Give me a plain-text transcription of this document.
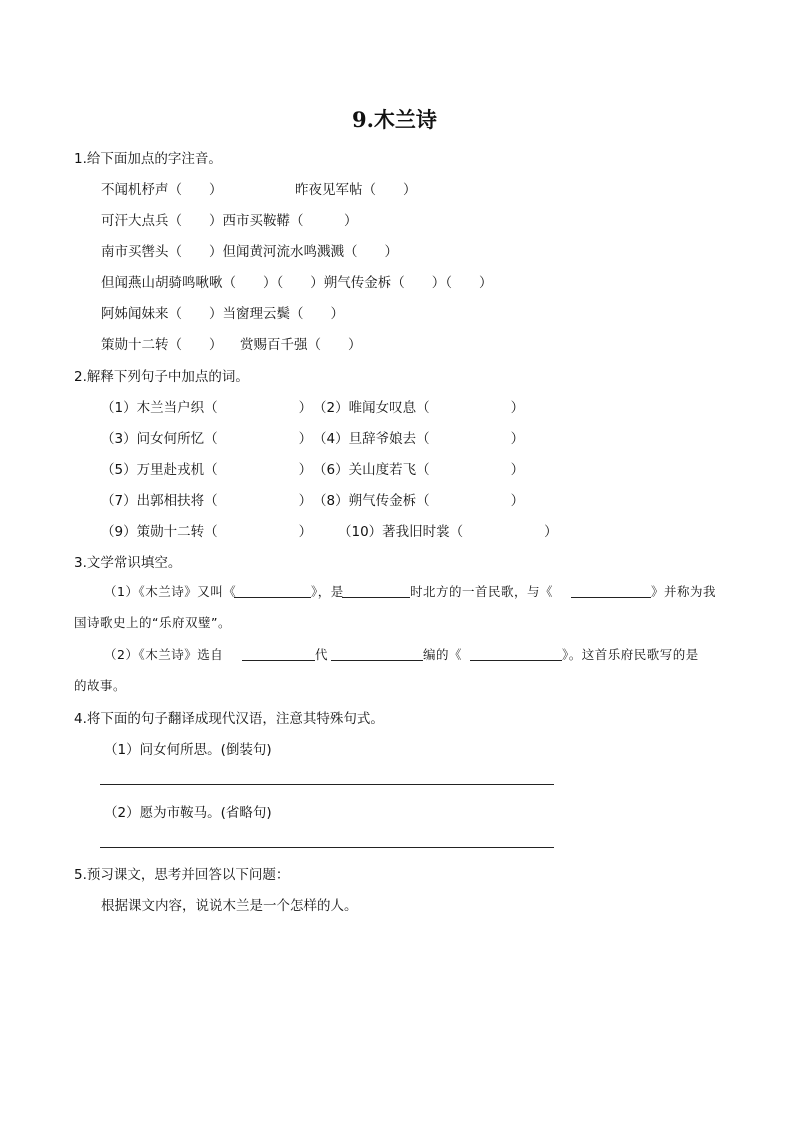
9.木兰诗
1.给下面加点的字注音。
不闻机杼声（　　）	昨夜见军帖（　　）
可汗大点兵（　　）西市买鞍鞯（　　　）
南市买辔头（　　）但闻黄河流水鸣溅溅（　　）
但闻燕山胡骑鸣啾啾（　　）（　　）朔气传金柝（　　）（　　）
阿姊闻妹来（　　）当窗理云鬓（　　）
策勋十二转（　　） 赏赐百千强（　　）
2.解释下列句子中加点的词。
（1）木兰当户织（　　　　　　） （2）唯闻女叹息（　　　　　　）
（3）问女何所忆（　　　　　　） （4）旦辞爷娘去（　　　　　　）
（5）万里赴戎机（　　　　　　） （6）关山度若飞（　　　　　　）
（7）出郭相扶将（　　　　　　） （8）朔气传金柝（　　　　　　）
（9）策勋十二转（　　　　　　） （10）著我旧时裳（　　　　　　）
3.文学常识填空。
（1）《木兰诗》又叫《	》，是	时北方的一首民歌，与《	》并称为我
国诗歌史上的“乐府双璧”。
（2）《木兰诗》选自	代	编的《	》。这首乐府民歌写的是
的故事。
4.将下面的句子翻译成现代汉语，注意其特殊句式。
（1）问女何所思。(倒装句)
（2）愿为市鞍马。(省略句)
5.预习课文，思考并回答以下问题：
根据课文内容，说说木兰是一个怎样的人。
